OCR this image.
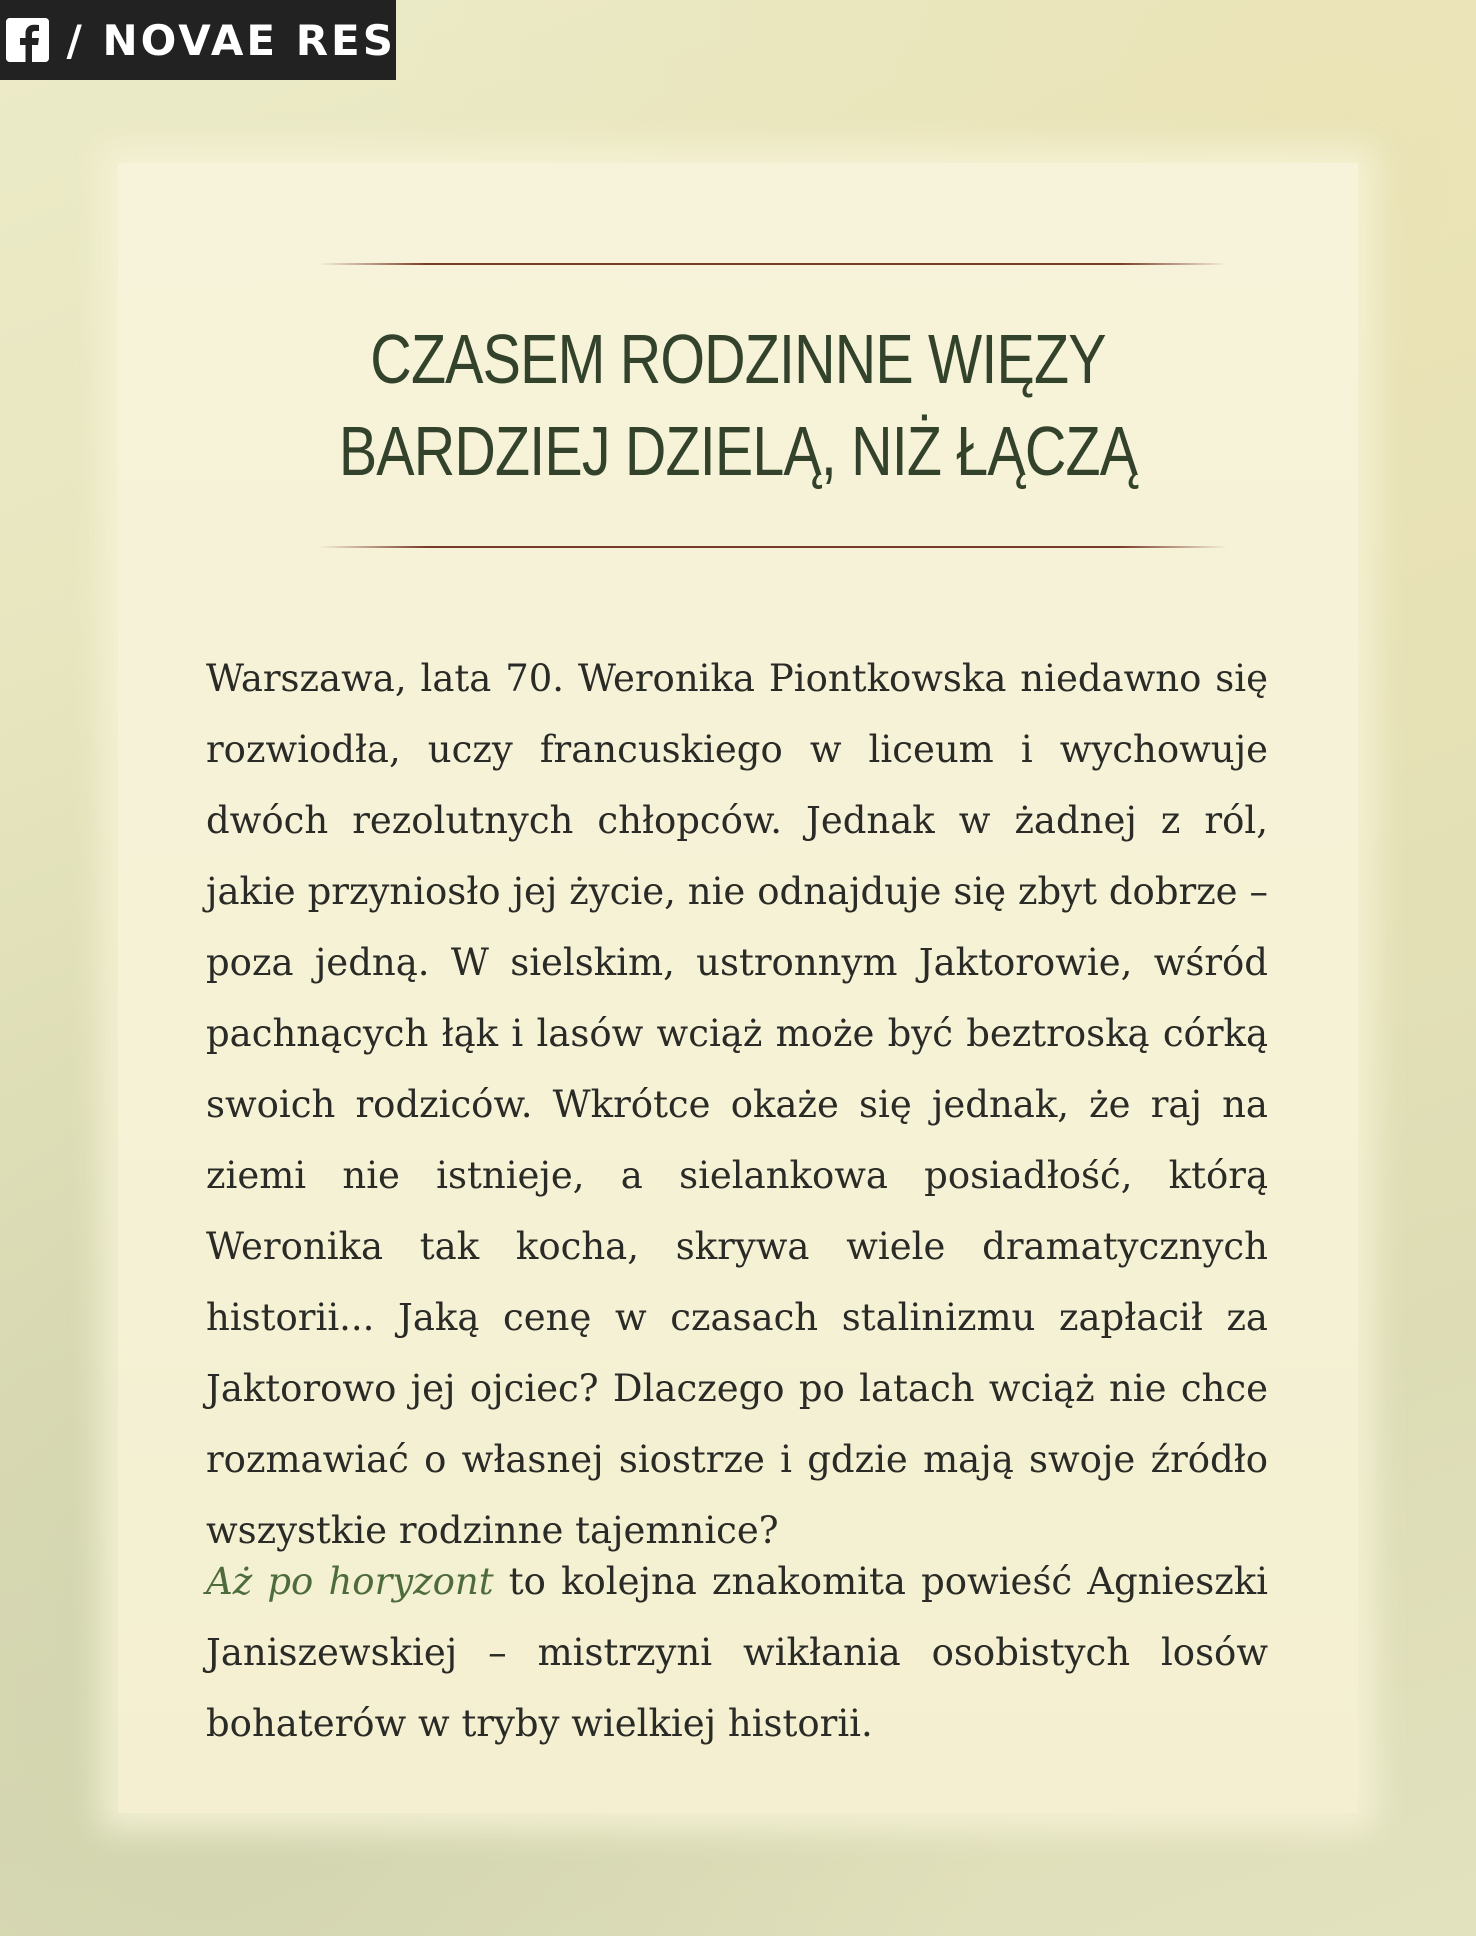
/ NOVAE RES
CZASEM RODZINNE WIĘZY
BARDZIEJ DZIELĄ, NIŻ ŁĄCZĄ

Warszawa, lata 70. Weronika Piontkowska niedawno się rozwiodła, uczy francuskiego w liceum i wychowuje dwóch rezolutnych chłopców. Jednak w żadnej z ról, jakie przyniosło jej życie, nie odnajduje się zbyt dobrze – poza jedną. W sielskim, ustronnym Jaktorowie, wśród pachnących łąk i lasów wciąż może być beztroską córką swoich rodziców. Wkrótce okaże się jednak, że raj na ziemi nie istnieje, a sielankowa posiadłość, którą Weronika tak kocha, skrywa wiele dramatycznych historii... Jaką cenę w czasach stalinizmu zapłacił za Jaktorowo jej ojciec? Dlaczego po latach wciąż nie chce rozmawiać o własnej siostrze i gdzie mają swoje źródło wszystkie rodzinne tajemnice?

Aż po horyzont to kolejna znakomita powieść Agnieszki Janiszewskiej – mistrzyni wikłania osobistych losów bohaterów w tryby wielkiej historii.
